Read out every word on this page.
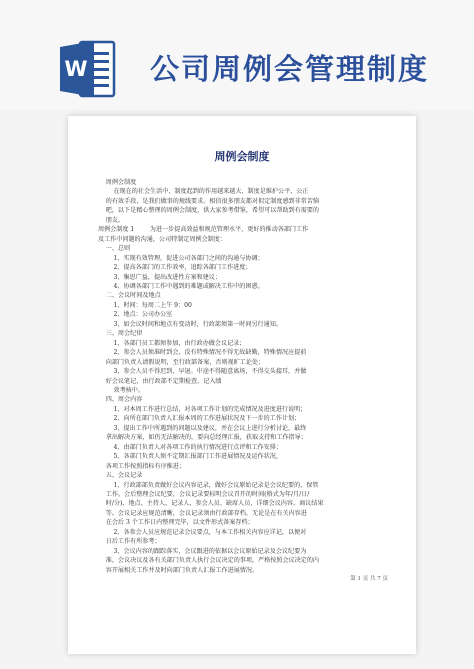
W 公司周例会管理制度
周例会制度

周例会制度

在现在的社会生活中，制度起到的作用越来越大，制度是维护公平、公正

的有效手段，是我们做事的规线要求。相信很多朋友都对拟定制度感到非常苦恼

吧，以下是精心整理的周例会制度，供大家参考借鉴，希望可以帮助到有需要的

朋友。

周例会制度 1        为进一步提高效益和规范管理水平，更好的推动各部门工作

及工作中问题的沟通，公司特制定周例会制度：

一、总则

1、实现有效管理，促进公司各部门之间的沟通与协调；

2、提高各部门的工作效率，追踪各部门工作进度；

3、集思广益，提出改进性方案和建议；

4、协调各部门工作中遇到的难题或解决工作中的困惑。

二、会议时间及地点

1、时间：每周二上午 9：00

2、地点：公司办公室

3、如会议时间和地点有变动时，行政部须第一时间另行通知。

三、周会纪律

1、各部门员工都须参加，由行政办做会议记录；

2、参会人员须准时到会，没有特殊情况不得无故缺勤，特殊情况应提前

向部门负责人请假说明，至行政部备案，否则视旷工论处；

3、参会人员不得迟到，早退。中途不得随意离场，不得交头接耳，并做

好会议笔记，由行政部不定期检查，记入绩

效考核中。

四、周会内容

1、对本周工作进行总结，对各项工作计划的完成情况及进度进行说明；

2、向所在部门负责人汇报本周的工作进展状况及下一步的工作计划；

3、提出工作中所遇到的问题以及建议，并在会议上进行分析讨论，最终

拿出解决方案，如仍无法解决的，要向总经理汇报，获取支持和工作指导；

4、由部门负责人对各项工作的执行情况进行点评和工作安排；

5、各部门负责人须不定期汇报部门工作进展情况及运作状况，

各项工作按照指标有序推进；

五、会议记录

1、行政部部负责做好会议内容记录，做好会议原始记录是会议纪要的，保管

工作。会后整理会议纪要，会议记录要标明会议召开的时间(格式为年/月/日/

时/分)、地点、主持人、记录人、参会人员、缺席人员，详细会议内容、商议结果

等。会议记录应规范清晰，会议记录须由行政部存档，无论是在有关内容进

在会后 3 个工作日内整理完毕，以文件形式备案存档；

2、各参会人员应规范记录会议要点，与本工作相关内容应详记，以便对

日后工作有所参考；

3、会议内容的跟踪落实，会议跟进的依据以会议原始记录及会议纪要为

准，会议决议及各有关部门负责人执行会议决定的事项，严格按照会议决定的内

容开展相关工作并及时向部门负责人汇报工作进展情况。

第 1 页 共 7 页
